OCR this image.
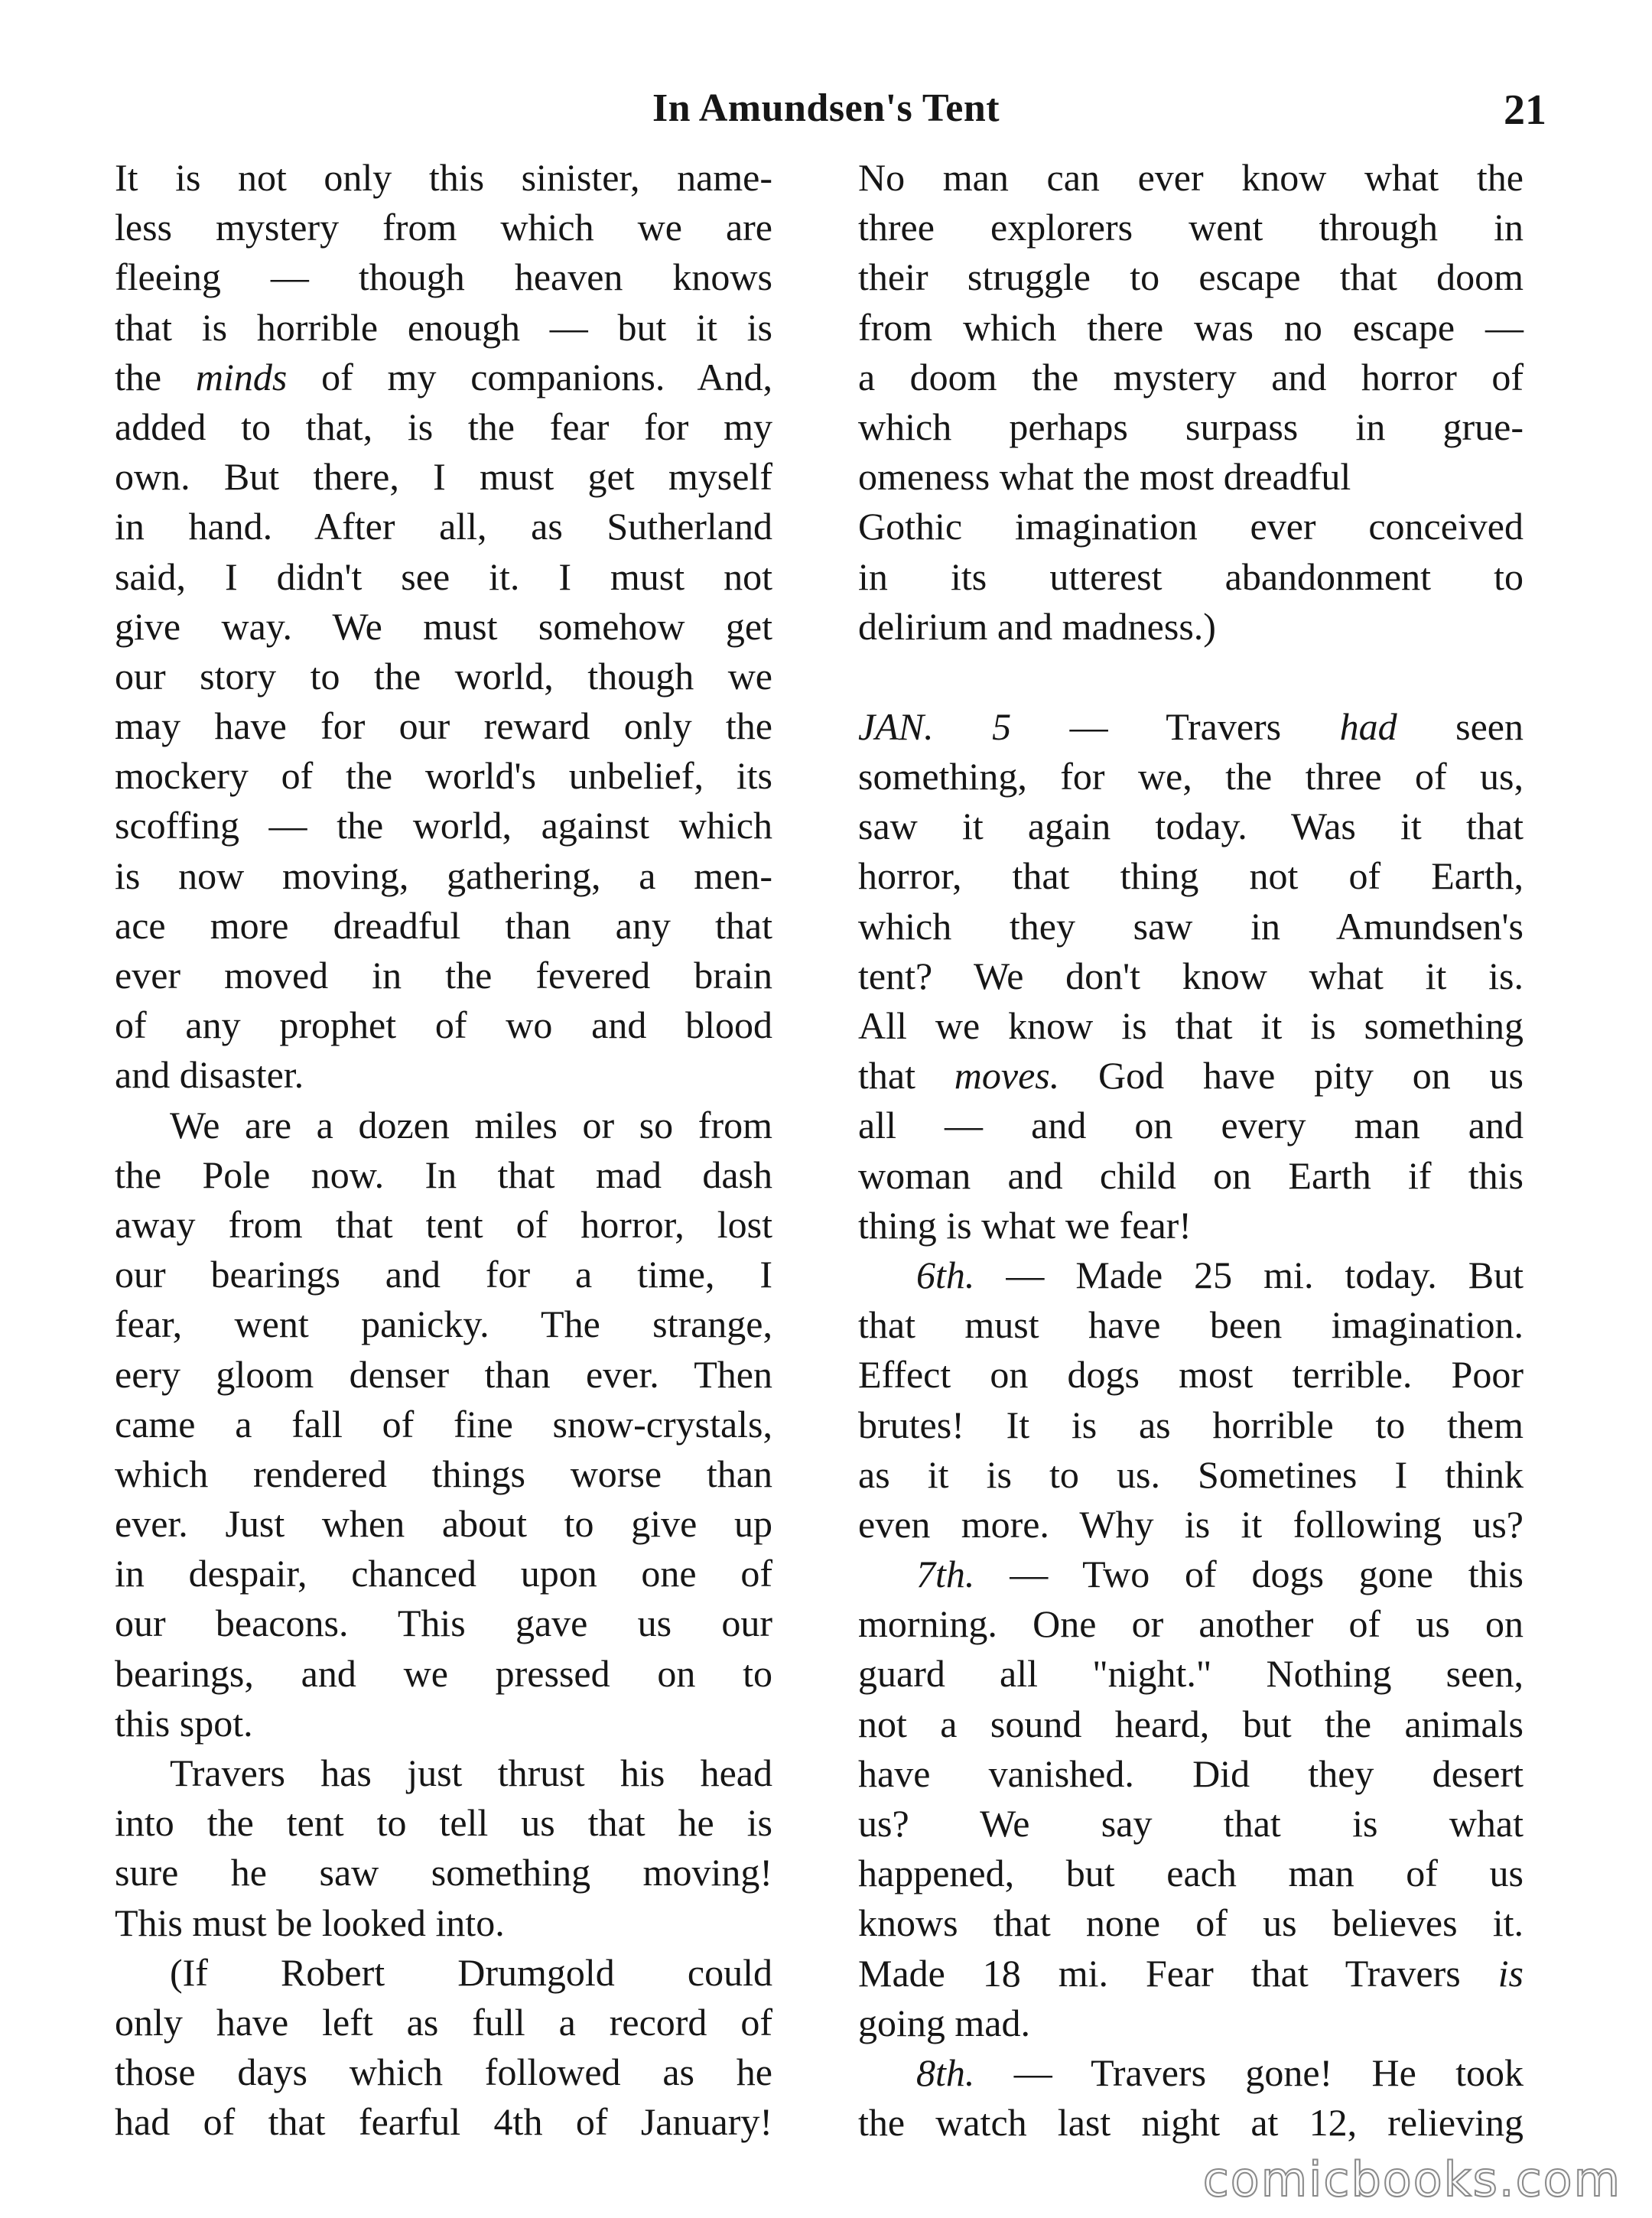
In Amundsen's Tent	21
It is not only this sinister, name-
less mystery from which we are
fleeing — though heaven knows
that is horrible enough — but it is
the minds of my companions. And,
added to that, is the fear for my
own. But there, I must get myself
in hand. After all, as Sutherland
said, I didn't see it. I must not
give way. We must somehow get
our story to the world, though we
may have for our reward only the
mockery of the world's unbelief, its
scoffing — the world, against which
is now moving, gathering, a men-
ace more dreadful than any that
ever moved in the fevered brain
of any prophet of wo and blood
and disaster.
We are a dozen miles or so from
the Pole now. In that mad dash
away from that tent of horror, lost
our bearings and for a time, I
fear, went panicky. The strange,
eery gloom denser than ever. Then
came a fall of fine snow-crystals,
which rendered things worse than
ever. Just when about to give up
in despair, chanced upon one of
our beacons. This gave us our
bearings, and we pressed on to
this spot.
Travers has just thrust his head
into the tent to tell us that he is
sure he saw something moving!
This must be looked into.
(If Robert Drumgold could
only have left as full a record of
those days which followed as he
had of that fearful 4th of January!
No man can ever know what the
three explorers went through in
their struggle to escape that doom
from which there was no escape —
a doom the mystery and horror of
which perhaps surpass in grue-
omeness what the most dreadful
Gothic imagination ever conceived
in its utterest abandonment to
delirium and madness.)
JAN. 5 — Travers had seen
something, for we, the three of us,
saw it again today. Was it that
horror, that thing not of Earth,
which they saw in Amundsen's
tent? We don't know what it is.
All we know is that it is something
that moves. God have pity on us
all — and on every man and
woman and child on Earth if this
thing is what we fear!
6th. — Made 25 mi. today. But
that must have been imagination.
Effect on dogs most terrible. Poor
brutes! It is as horrible to them
as it is to us. Sometines I think
even more. Why is it following us?
7th. — Two of dogs gone this
morning. One or another of us on
guard all "night." Nothing seen,
not a sound heard, but the animals
have vanished. Did they desert
us? We say that is what
happened, but each man of us
knows that none of us believes it.
Made 18 mi. Fear that Travers is
going mad.
8th. — Travers gone! He took
the watch last night at 12, relieving
comicbooks.com
